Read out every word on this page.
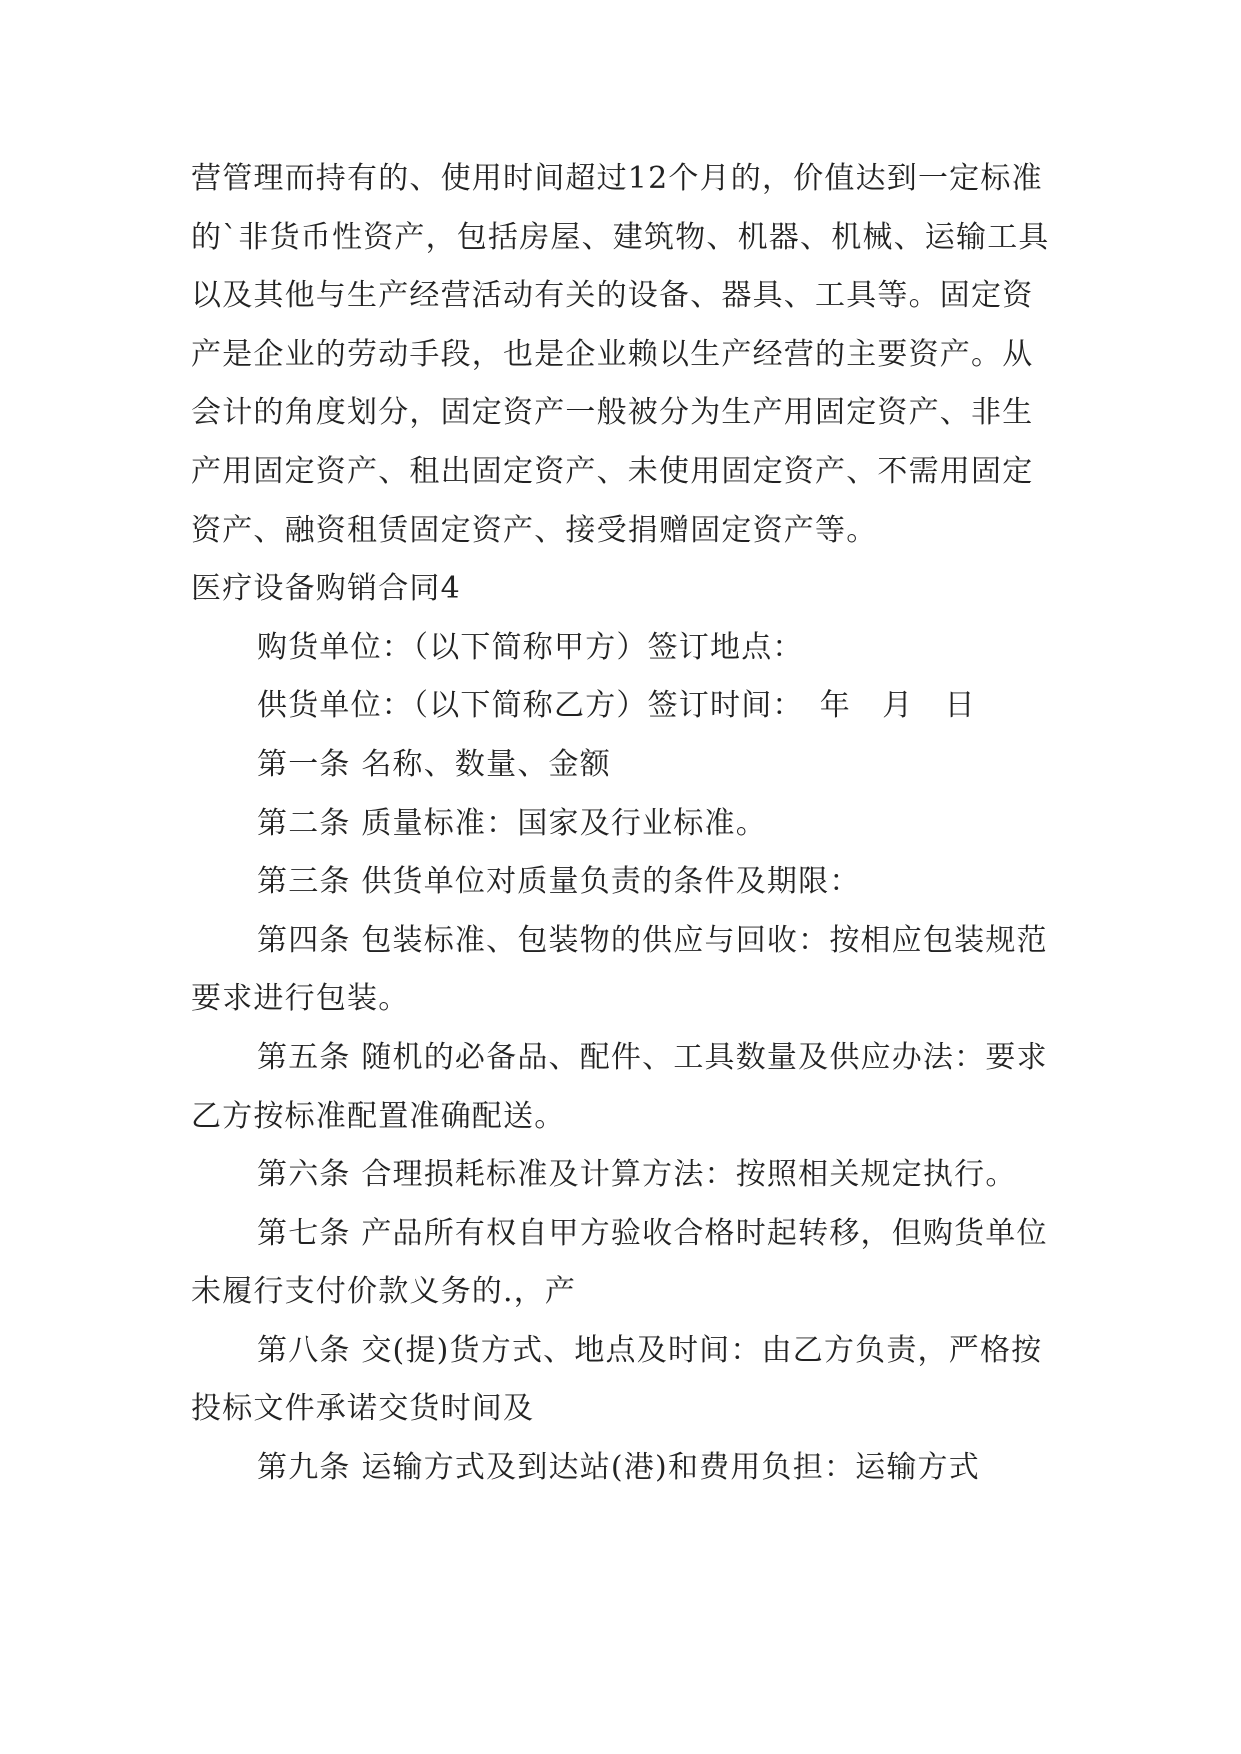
营管理而持有的、使用时间超过12个月的，价值达到一定标准的`非货币性资产，包括房屋、建筑物、机器、机械、运输工具以及其他与生产经营活动有关的设备、器具、工具等。固定资产是企业的劳动手段，也是企业赖以生产经营的主要资产。从会计的角度划分，固定资产一般被分为生产用固定资产、非生产用固定资产、租出固定资产、未使用固定资产、不需用固定资产、融资租赁固定资产、接受捐赠固定资产等。

医疗设备购销合同4

购货单位：（以下简称甲方）签订地点：

供货单位：（以下简称乙方）签订时间：　年　月　日

第一条 名称、数量、金额

第二条 质量标准：国家及行业标准。

第三条 供货单位对质量负责的条件及期限：

第四条 包装标准、包装物的供应与回收：按相应包装规范要求进行包装。

第五条 随机的必备品、配件、工具数量及供应办法：要求乙方按标准配置准确配送。

第六条 合理损耗标准及计算方法：按照相关规定执行。

第七条 产品所有权自甲方验收合格时起转移，但购货单位未履行支付价款义务的.，产

第八条 交(提)货方式、地点及时间：由乙方负责，严格按投标文件承诺交货时间及

第九条 运输方式及到达站(港)和费用负担：运输方式
